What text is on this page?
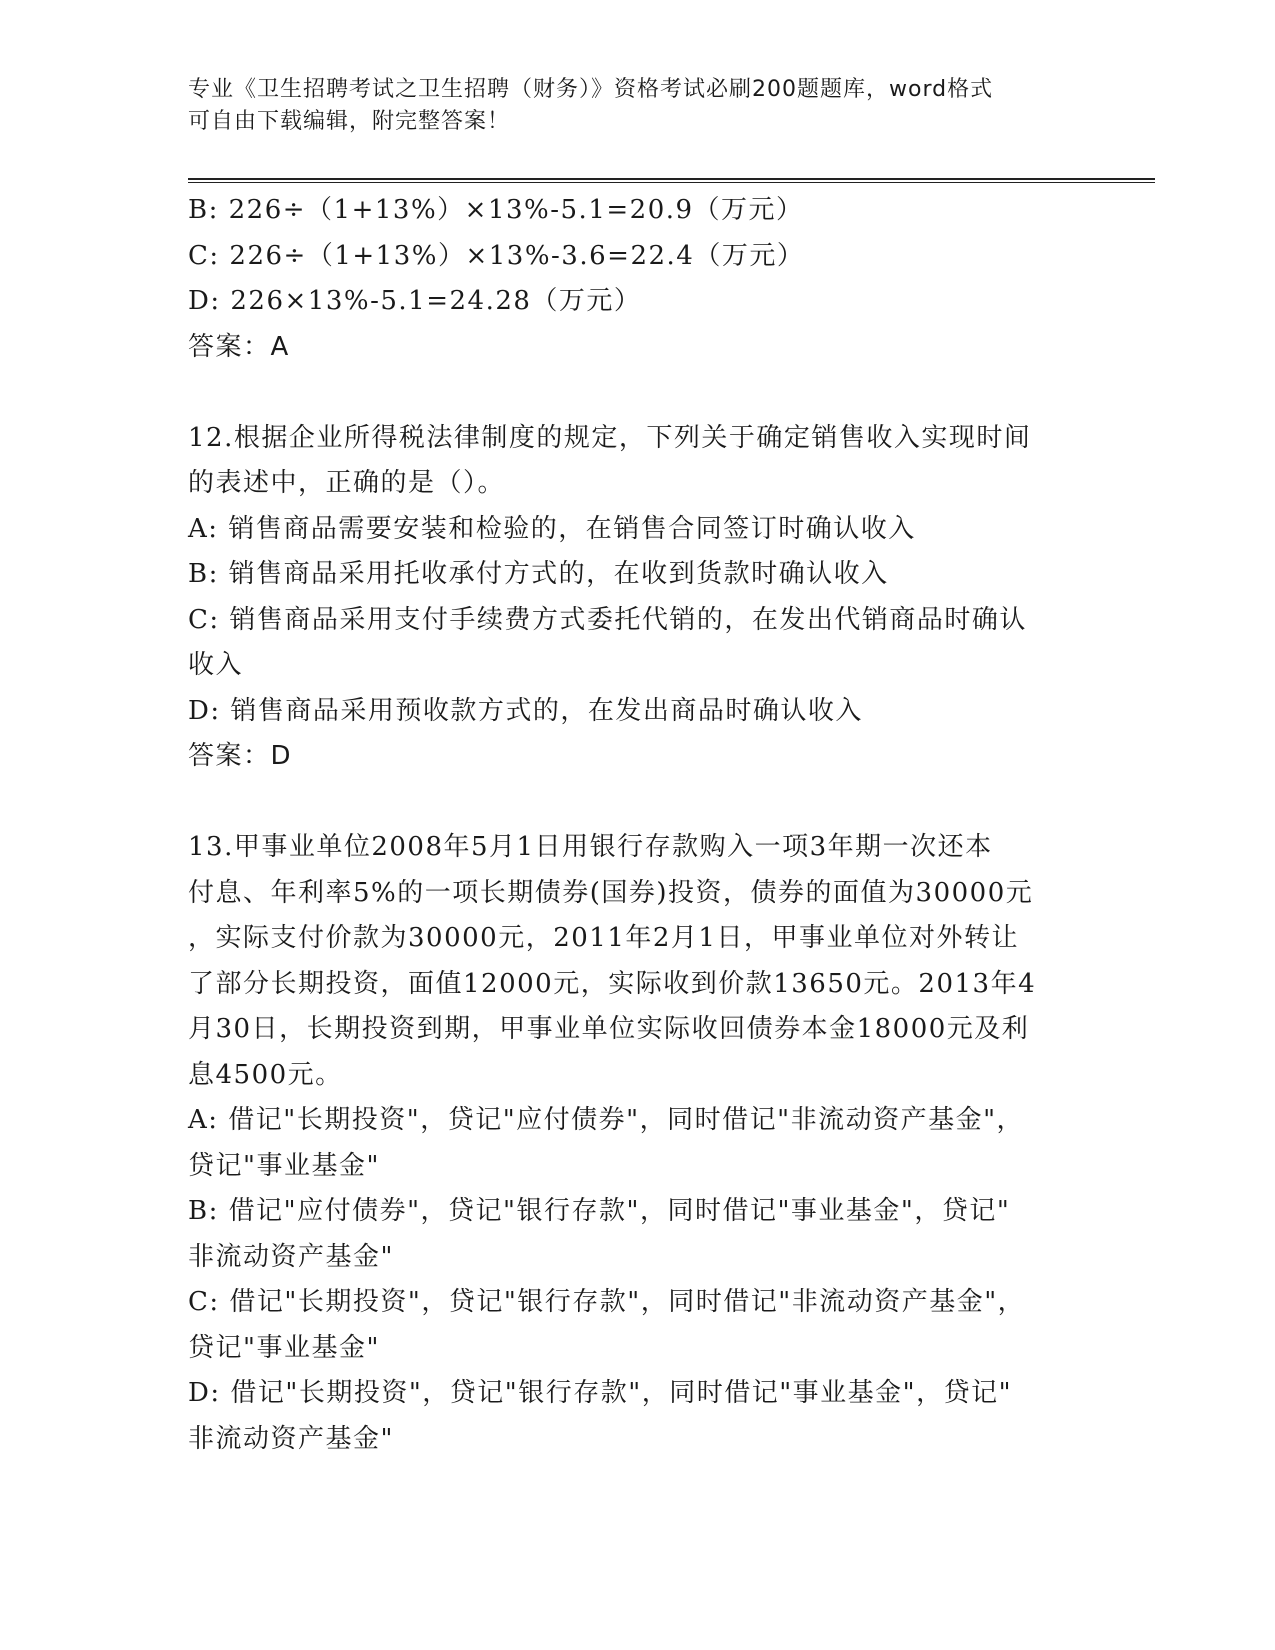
专业《卫生招聘考试之卫生招聘（财务）》资格考试必刷200题题库，word格式
可自由下载编辑，附完整答案！

B: 226÷（1+13%）×13%-5.1=20.9（万元）

C: 226÷（1+13%）×13%-3.6=22.4（万元）

D: 226×13%-5.1=24.28（万元）

答案：A

12.根据企业所得税法律制度的规定，下列关于确定销售收入实现时间

的表述中，正确的是（）。

A: 销售商品需要安装和检验的，在销售合同签订时确认收入

B: 销售商品采用托收承付方式的，在收到货款时确认收入

C: 销售商品采用支付手续费方式委托代销的，在发出代销商品时确认

收入

D: 销售商品采用预收款方式的，在发出商品时确认收入

答案：D

13.甲事业单位2008年5月1日用银行存款购入一项3年期一次还本

付息、年利率5%的一项长期债券(国券)投资，债券的面值为30000元

，实际支付价款为30000元，2011年2月1日，甲事业单位对外转让

了部分长期投资，面值12000元，实际收到价款13650元。2013年4

月30日，长期投资到期，甲事业单位实际收回债券本金18000元及利

息4500元。

A: 借记"长期投资"，贷记"应付债券"，同时借记"非流动资产基金"，

贷记"事业基金"

B: 借记"应付债券"，贷记"银行存款"，同时借记"事业基金"，贷记"

非流动资产基金"

C: 借记"长期投资"，贷记"银行存款"，同时借记"非流动资产基金"，

贷记"事业基金"

D: 借记"长期投资"，贷记"银行存款"，同时借记"事业基金"，贷记"

非流动资产基金"
